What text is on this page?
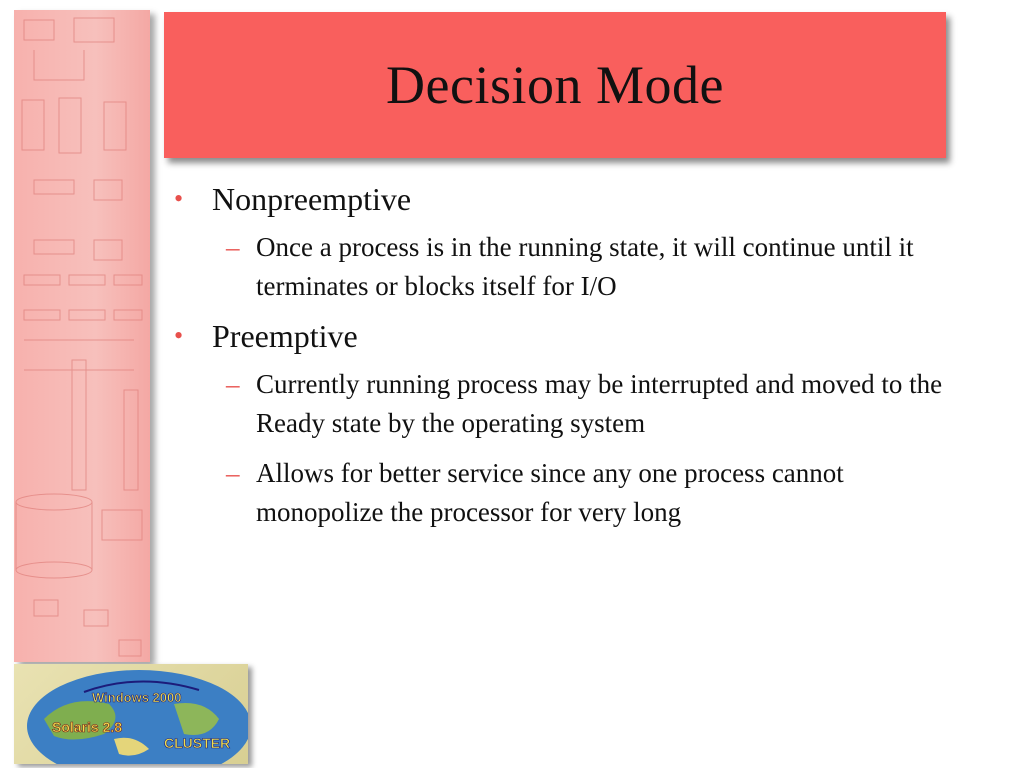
Decision Mode
• Nonpreemptive
– Once a process is in the running state, it will continue until it terminates or blocks itself for I/O
• Preemptive
– Currently running process may be interrupted and moved to the Ready state by the operating system
– Allows for better service since any one process cannot monopolize the processor for very long
Windows 2000
Solaris 2.8
CLUSTER
